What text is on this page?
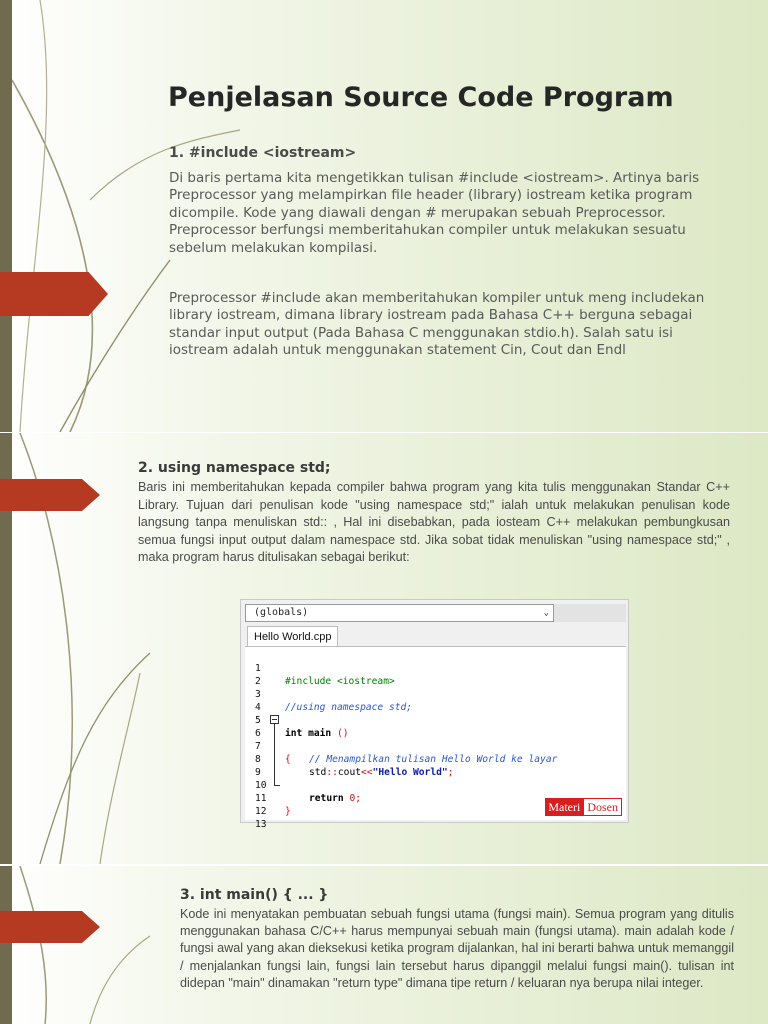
Penjelasan Source Code Program

1. #include <iostream>

Di baris pertama kita mengetikkan tulisan #include <iostream>. Artinya baris Preprocessor yang melampirkan file header (library) iostream ketika program dicompile. Kode yang diawali dengan # merupakan sebuah Preprocessor. Preprocessor berfungsi memberitahukan compiler untuk melakukan sesuatu sebelum melakukan kompilasi.

Preprocessor #include akan memberitahukan kompiler untuk meng includekan library iostream, dimana library iostream pada Bahasa C++ berguna sebagai standar input output (Pada Bahasa C menggunakan stdio.h). Salah satu isi iostream adalah untuk menggunakan statement Cin, Cout dan Endl

2. using namespace std;

Baris ini memberitahukan kepada compiler bahwa program yang kita tulis menggunakan Standar C++ Library. Tujuan dari penulisan kode "using namespace std;" ialah untuk melakukan penulisan kode langsung tanpa menuliskan std:: , Hal ini disebabkan, pada iosteam C++ melakukan pembungkusan semua fungsi input output dalam namespace std. Jika sobat tidak menuliskan "using namespace std;" , maka program harus ditulisakan sebagai berikut:

(globals)	⌄
Hello World.cpp

1

#include <iostream>

2

3

//using namespace std;

4

5

int main ()

6

{

7

// Menampilkan tulisan Hello World ke layar

8

std::cout<<"Hello World";

9

10

return 0;

11

}

12

13

Materi Dosen

3. int main() { ... }

Kode ini menyatakan pembuatan sebuah fungsi utama (fungsi main). Semua program yang ditulis menggunakan bahasa C/C++ harus mempunyai sebuah main (fungsi utama). main adalah kode / fungsi awal yang akan dieksekusi ketika program dijalankan, hal ini berarti bahwa untuk memanggil / menjalankan fungsi lain, fungsi lain tersebut harus dipanggil melalui fungsi main(). tulisan int didepan "main" dinamakan "return type" dimana tipe return / keluaran nya berupa nilai integer.
